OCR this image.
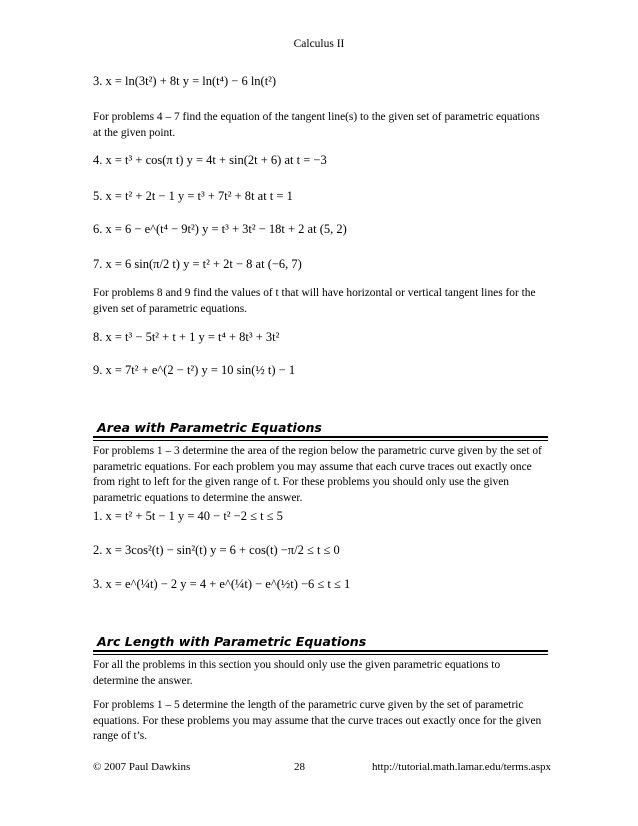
Calculus II
3. x = ln(3t²) + 8t y = ln(t⁴) − 6 ln(t²)
For problems 4 – 7 find the equation of the tangent line(s) to the given set of parametric equations at the given point.
4. x = t³ + cos(π t) y = 4t + sin(2t + 6) at t = −3
5. x = t² + 2t − 1 y = t³ + 7t² + 8t at t = 1
6. x = 6 − e^(t⁴ − 9t²) y = t³ + 3t² − 18t + 2 at (5, 2)
7. x = 6 sin(π/2 t) y = t² + 2t − 8 at (−6, 7)
For problems 8 and 9 find the values of t that will have horizontal or vertical tangent lines for the given set of parametric equations.
8. x = t³ − 5t² + t + 1 y = t⁴ + 8t³ + 3t²
9. x = 7t² + e^(2 − t²) y = 10 sin(½ t) − 1
Area with Parametric Equations
For problems 1 – 3 determine the area of the region below the parametric curve given by the set of parametric equations. For each problem you may assume that each curve traces out exactly once from right to left for the given range of t. For these problems you should only use the given parametric equations to determine the answer.
1. x = t² + 5t − 1 y = 40 − t² −2 ≤ t ≤ 5
2. x = 3cos²(t) − sin²(t) y = 6 + cos(t) −π/2 ≤ t ≤ 0
3. x = e^(¼t) − 2 y = 4 + e^(¼t) − e^(½t) −6 ≤ t ≤ 1
Arc Length with Parametric Equations
For all the problems in this section you should only use the given parametric equations to determine the answer.
For problems 1 – 5 determine the length of the parametric curve given by the set of parametric equations. For these problems you may assume that the curve traces out exactly once for the given range of t’s.
© 2007 Paul Dawkins	28	http://tutorial.math.lamar.edu/terms.aspx
